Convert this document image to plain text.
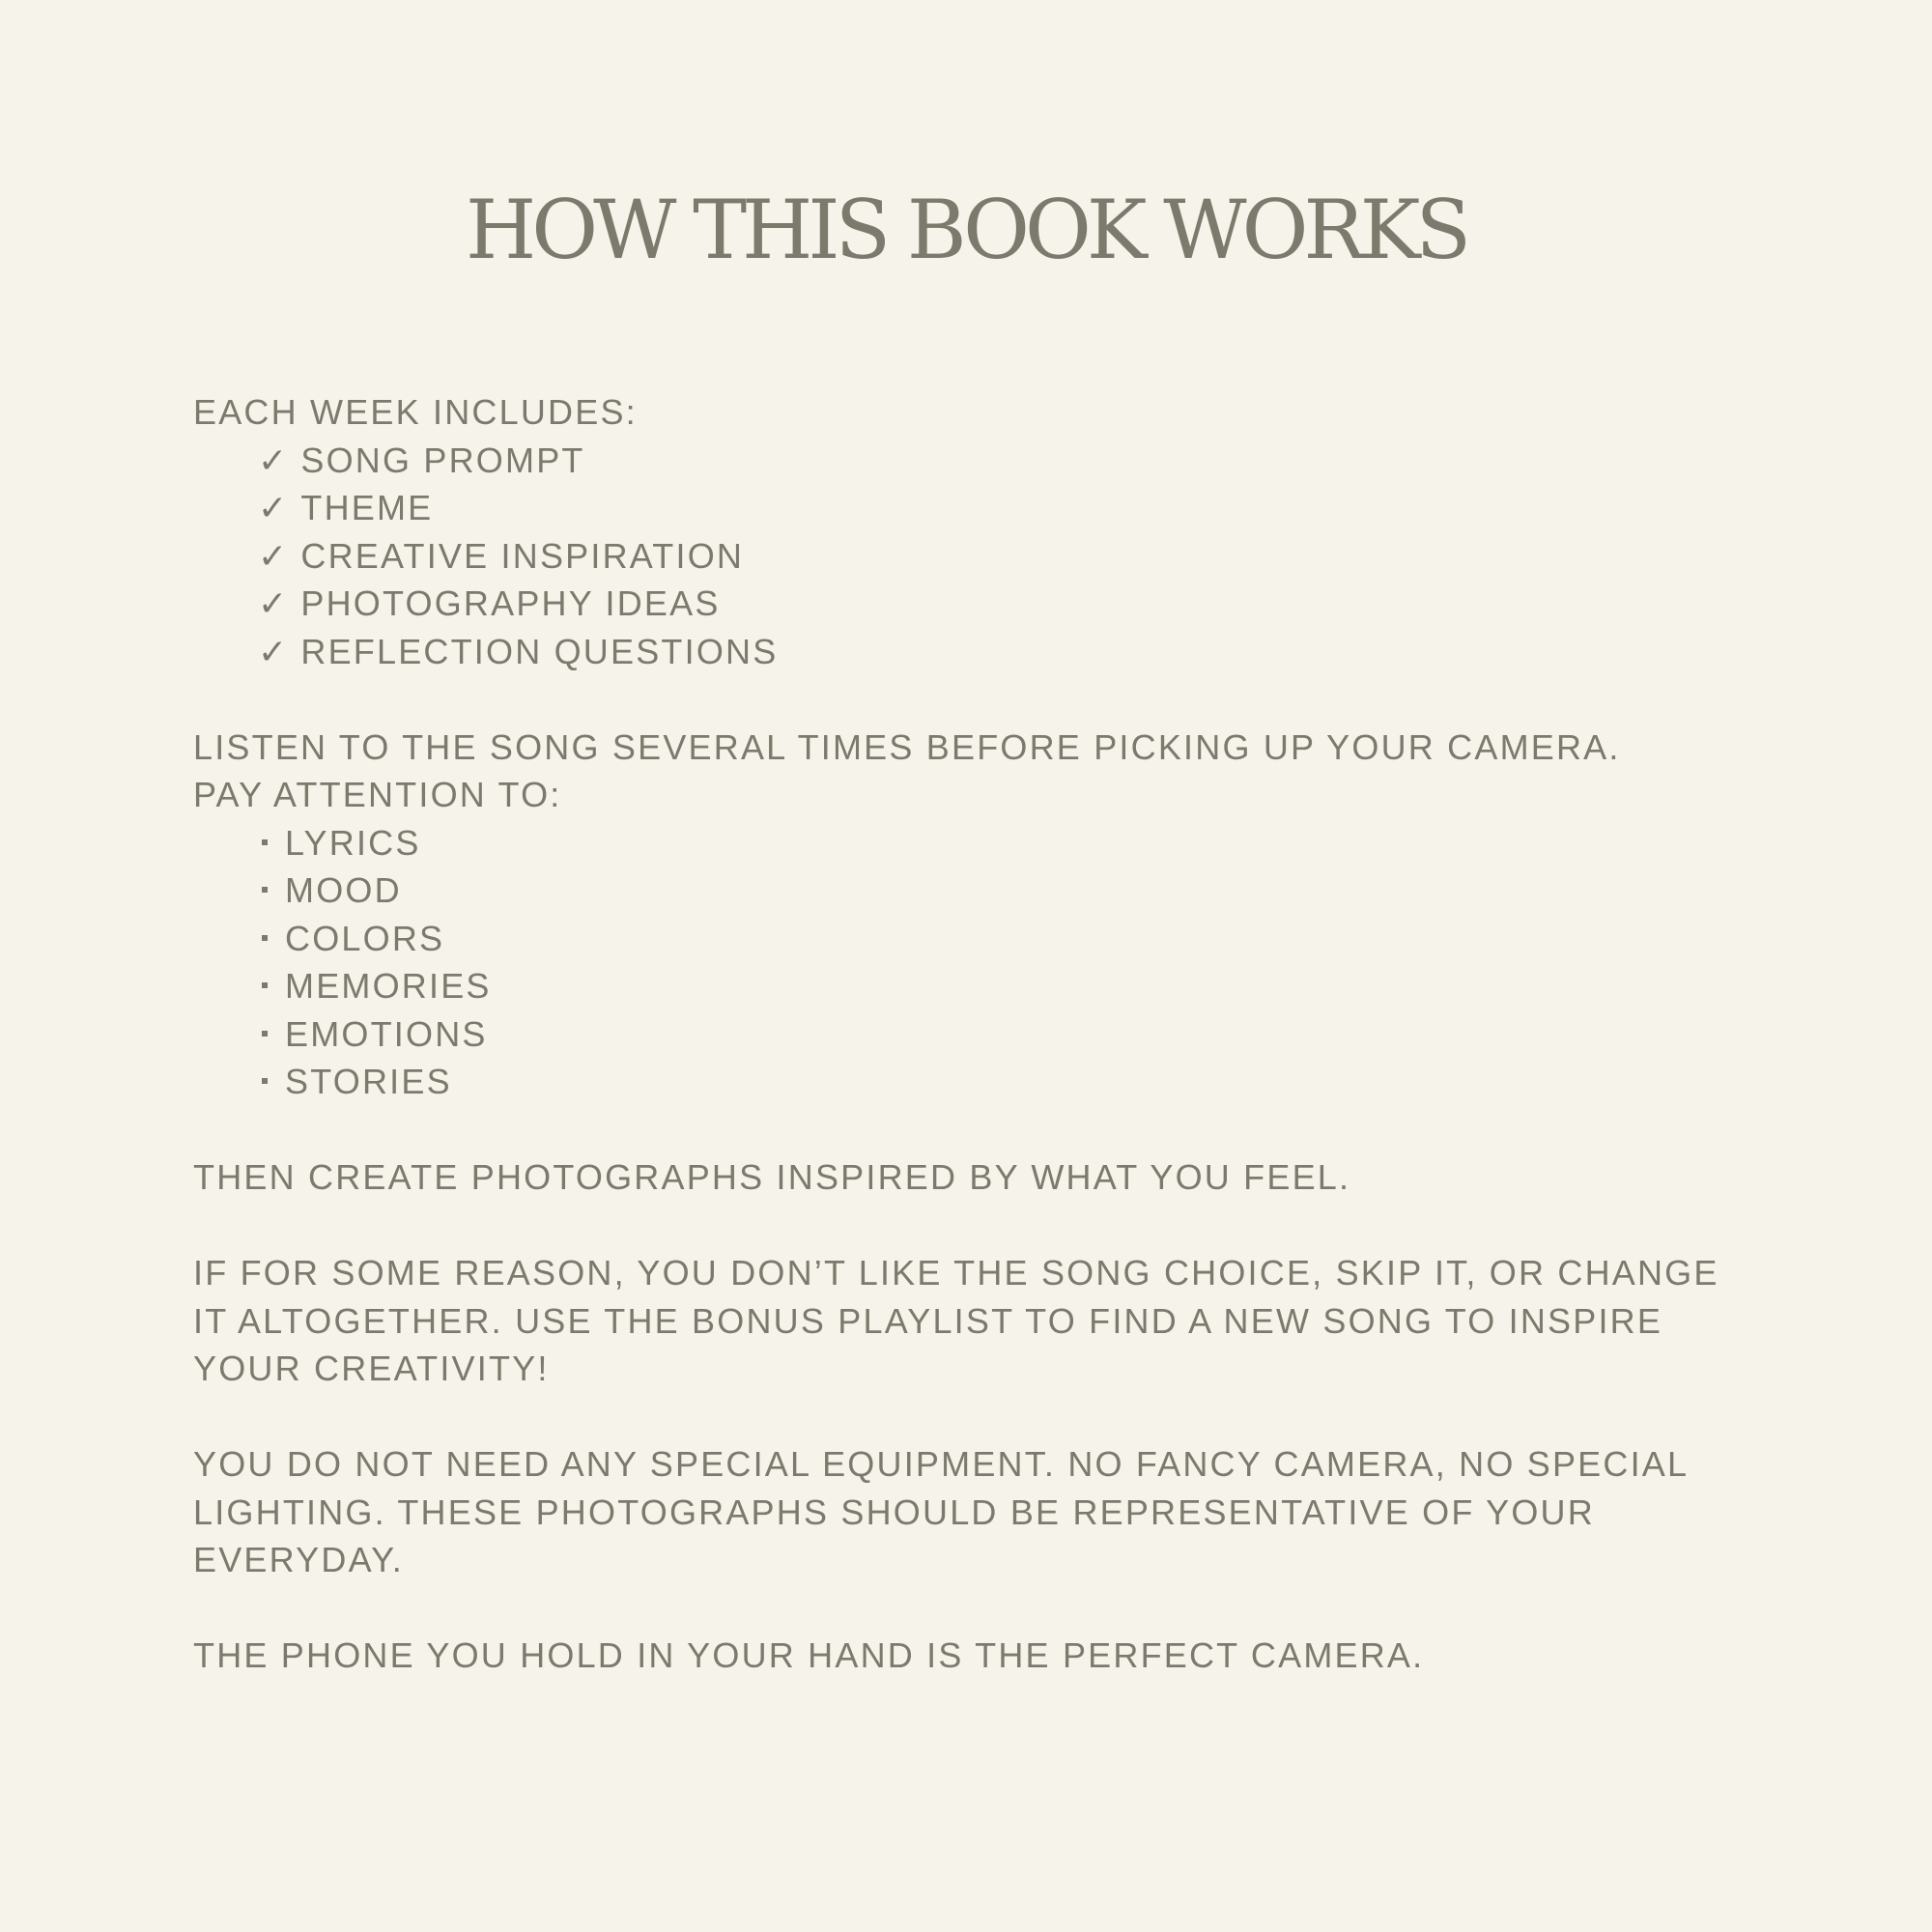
HOW THIS BOOK WORKS
EACH WEEK INCLUDES:
✓ SONG PROMPT
✓ THEME
✓ CREATIVE INSPIRATION
✓ PHOTOGRAPHY IDEAS
✓ REFLECTION QUESTIONS
LISTEN TO THE SONG SEVERAL TIMES BEFORE PICKING UP YOUR CAMERA.
PAY ATTENTION TO:
LYRICS
MOOD
COLORS
MEMORIES
EMOTIONS
STORIES
THEN CREATE PHOTOGRAPHS INSPIRED BY WHAT YOU FEEL.
IF FOR SOME REASON, YOU DON’T LIKE THE SONG CHOICE, SKIP IT, OR CHANGE
IT ALTOGETHER. USE THE BONUS PLAYLIST TO FIND A NEW SONG TO INSPIRE
YOUR CREATIVITY!
YOU DO NOT NEED ANY SPECIAL EQUIPMENT. NO FANCY CAMERA, NO SPECIAL
LIGHTING. THESE PHOTOGRAPHS SHOULD BE REPRESENTATIVE OF YOUR
EVERYDAY.
THE PHONE YOU HOLD IN YOUR HAND IS THE PERFECT CAMERA.
